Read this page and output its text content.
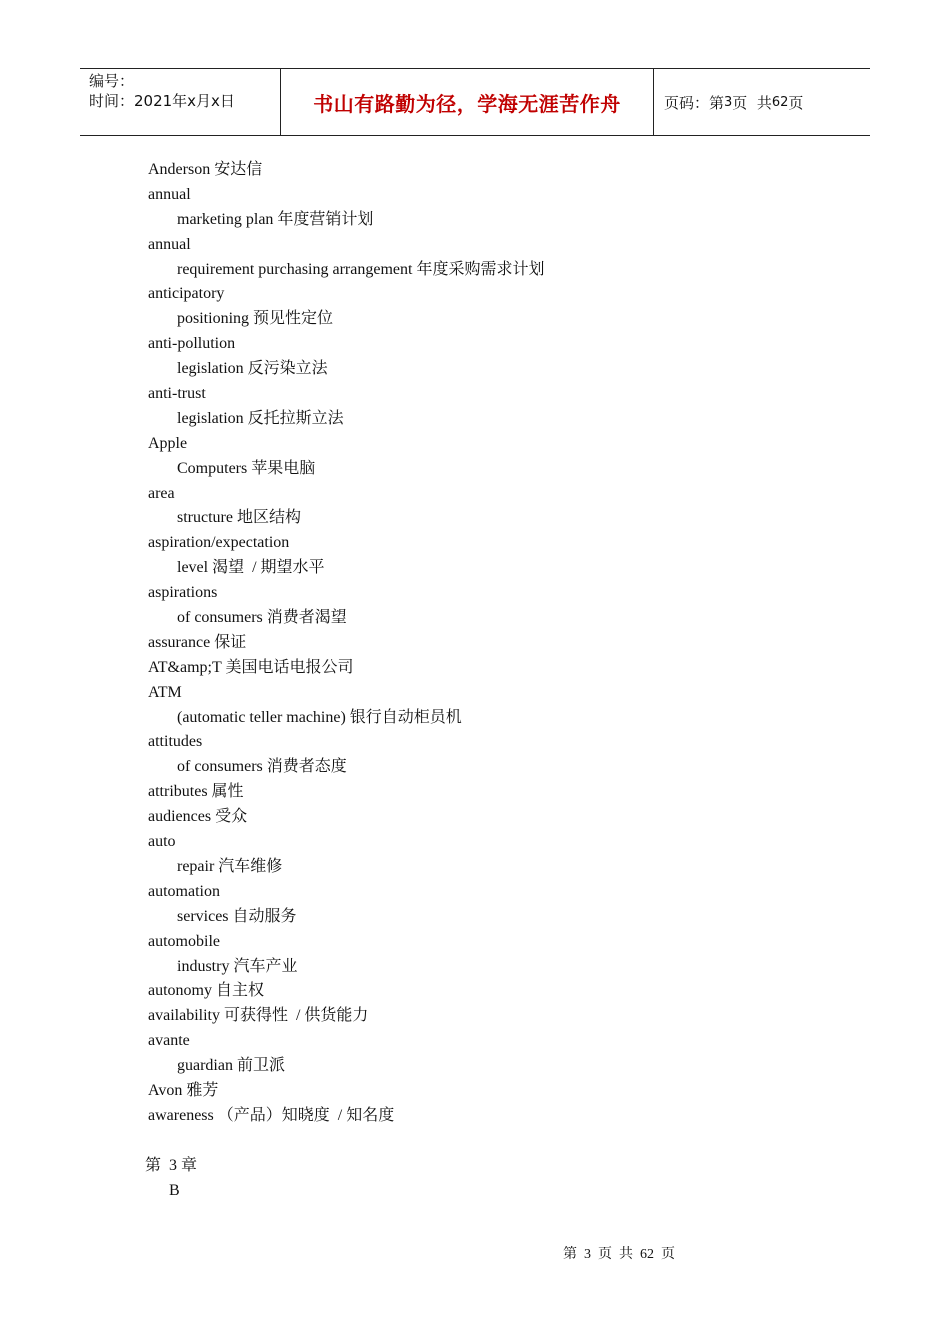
编号：
时间：2021年x月x日	书山有路勤为径，学海无涯苦作舟	页码：第 3 页  共 62 页
Anderson 安达信
annual
marketing plan 年度营销计划
annual
requirement purchasing arrangement 年度采购需求计划
anticipatory
positioning 预见性定位
anti-pollution
legislation 反污染立法
anti-trust
legislation 反托拉斯立法
Apple
Computers 苹果电脑
area
structure 地区结构
aspiration/expectation
level 渴望  / 期望水平
aspirations
of consumers 消费者渴望
assurance 保证
AT&amp;T 美国电话电报公司
ATM
(automatic teller machine) 银行自动柜员机
attitudes
of consumers 消费者态度
attributes 属性
audiences 受众
auto
repair 汽车维修
automation
services 自动服务
automobile
industry 汽车产业
autonomy 自主权
availability 可获得性  / 供货能力
avante
guardian 前卫派
Avon 雅芳
awareness （产品）知晓度  / 知名度
第  3 章
B
第  3  页  共  62  页
